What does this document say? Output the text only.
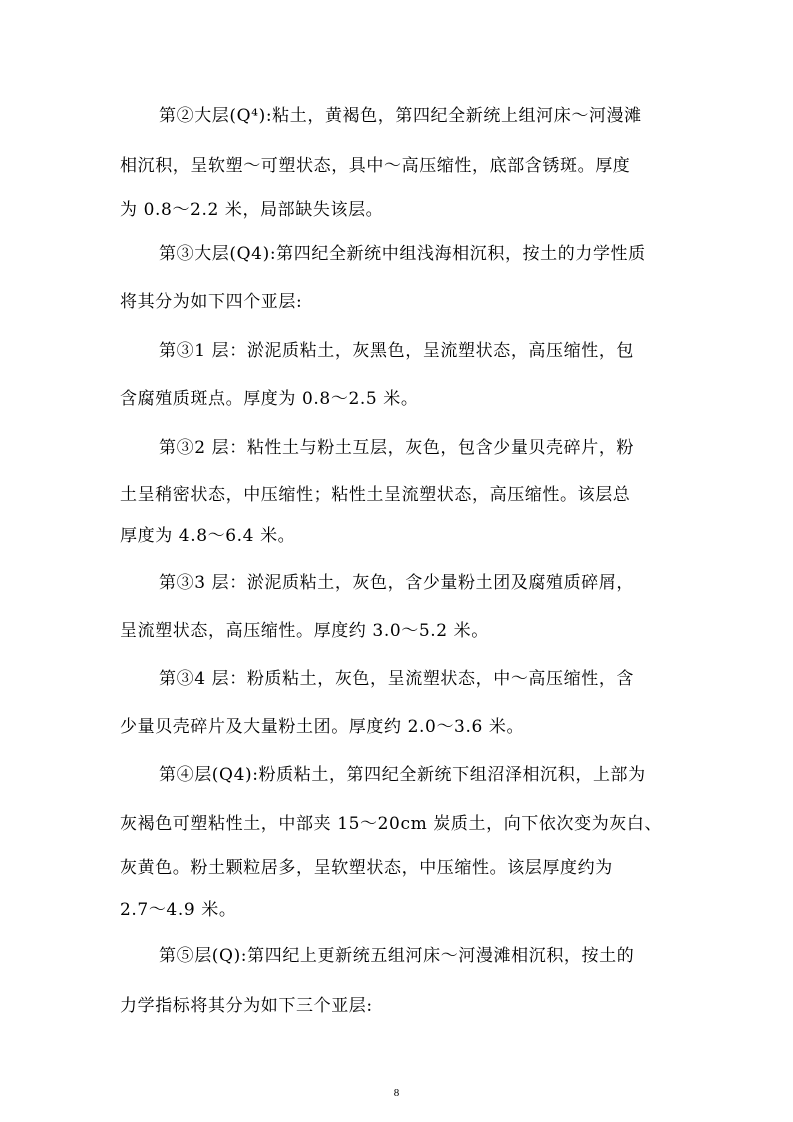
第②大层(Q⁴):粘土，黄褐色，第四纪全新统上组河床～河漫滩
相沉积，呈软塑～可塑状态，具中～高压缩性，底部含锈斑。厚度
为 0.8～2.2 米，局部缺失该层。
第③大层(Q4):第四纪全新统中组浅海相沉积，按土的力学性质
将其分为如下四个亚层:
第③1 层：淤泥质粘土，灰黑色，呈流塑状态，高压缩性，包
含腐殖质斑点。厚度为 0.8～2.5 米。
第③2 层：粘性土与粉土互层，灰色，包含少量贝壳碎片，粉
土呈稍密状态，中压缩性；粘性土呈流塑状态，高压缩性。该层总
厚度为 4.8～6.4 米。
第③3 层：淤泥质粘土，灰色，含少量粉土团及腐殖质碎屑，
呈流塑状态，高压缩性。厚度约 3.0～5.2 米。
第③4 层：粉质粘土，灰色，呈流塑状态，中～高压缩性，含
少量贝壳碎片及大量粉土团。厚度约 2.0～3.6 米。
第④层(Q4):粉质粘土，第四纪全新统下组沼泽相沉积，上部为
灰褐色可塑粘性土，中部夹 15～20cm 炭质土，向下依次变为灰白、
灰黄色。粉土颗粒居多，呈软塑状态，中压缩性。该层厚度约为
2.7～4.9 米。
第⑤层(Q):第四纪上更新统五组河床～河漫滩相沉积，按土的
力学指标将其分为如下三个亚层:
8
